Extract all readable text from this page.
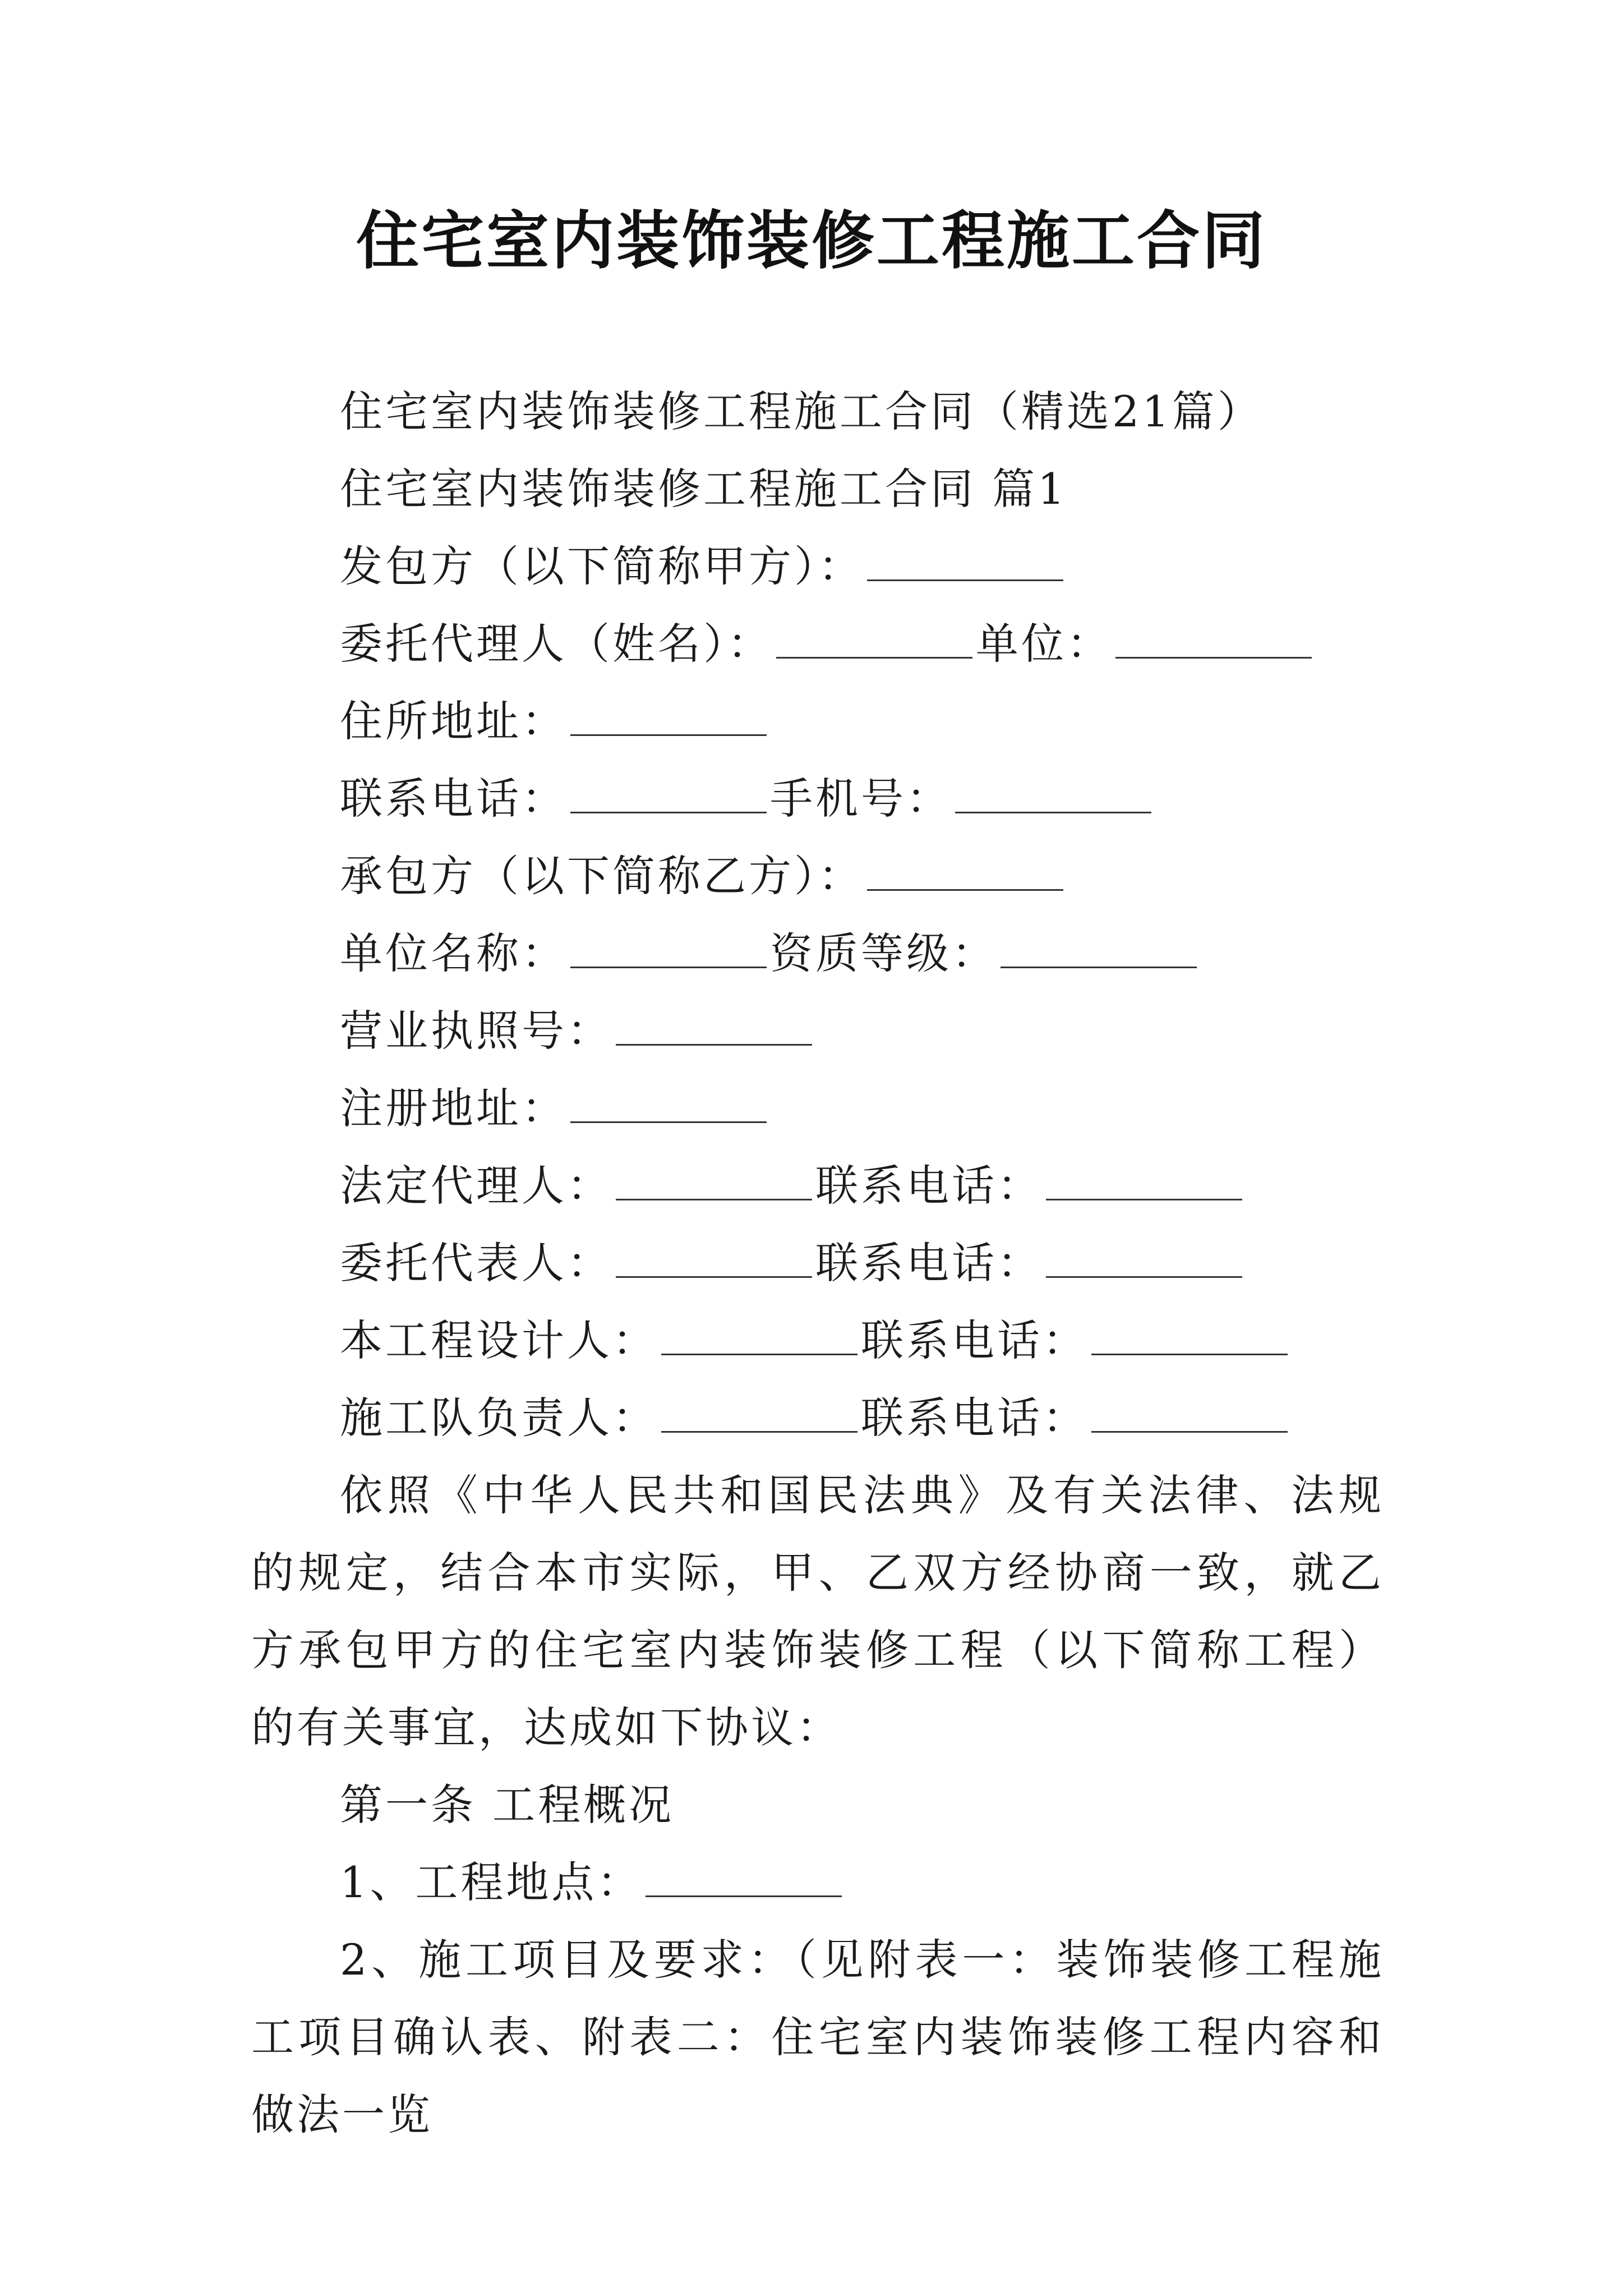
住宅室内装饰装修工程施工合同

住宅室内装饰装修工程施工合同（精选21篇）

住宅室内装饰装修工程施工合同 篇1

发包方（以下简称甲方）：

委托代理人（姓名）：	单位：

住所地址：

联系电话：	手机号：

承包方（以下简称乙方）：

单位名称：	资质等级：

营业执照号：

注册地址：

法定代理人：	联系电话：

委托代表人：	联系电话：

本工程设计人：	联系电话：

施工队负责人：	联系电话：

依照《中华人民共和国民法典》及有关法律、法规的规定，结合本市实际，甲、乙双方经协商一致，就乙方承包甲方的住宅室内装饰装修工程（以下简称工程）的有关事宜，达成如下协议：

第一条 工程概况

1、工程地点：

2、施工项目及要求：（见附表一：装饰装修工程施工项目确认表、附表二：住宅室内装饰装修工程内容和做法一览
